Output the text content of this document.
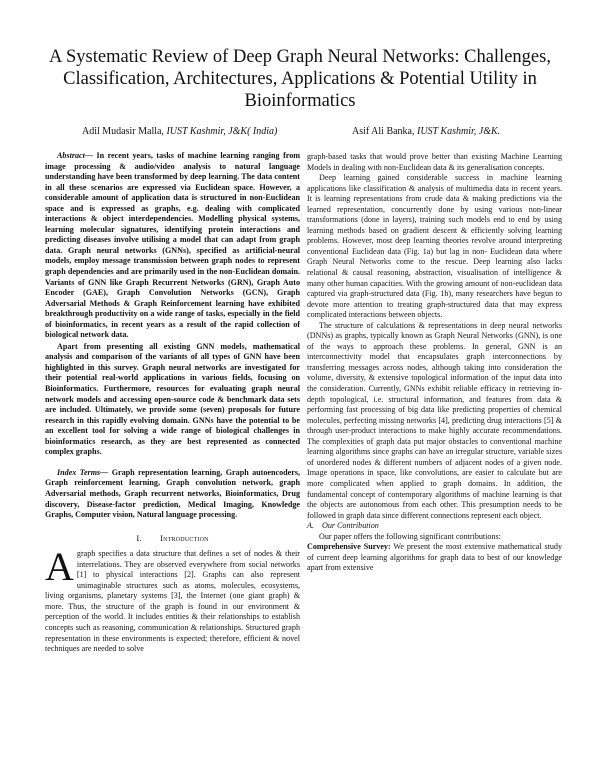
A Systematic Review of Deep Graph Neural Networks: Challenges, Classification, Architectures, Applications & Potential Utility in Bioinformatics
Adil Mudasir Malla, IUST Kashmir, J&K( India)	Asif Ali Banka, IUST Kashmir, J&K.

Abstract— In recent years, tasks of machine learning ranging from image processing & audio/video analysis to natural language understanding have been transformed by deep learning. The data content in all these scenarios are expressed via Euclidean space. However, a considerable amount of application data is structured in non-Euclidean space and is expressed as graphs, e.g. dealing with complicated interactions & object interdependencies. Modelling physical systems, learning molecular signatures, identifying protein interactions and predicting diseases involve utilising a model that can adapt from graph data. Graph neural networks (GNNs), specified as artificial-neural models, employ message transmission between graph nodes to represent graph dependencies and are primarily used in the non-Euclidean domain. Variants of GNN like Graph Recurrent Networks (GRN), Graph Auto Encoder (GAE), Graph Convolution Networks (GCN), Graph Adversarial Methods & Graph Reinforcement learning have exhibited breakthrough productivity on a wide range of tasks, especially in the field of bioinformatics, in recent years as a result of the rapid collection of biological network data.

Apart from presenting all existing GNN models, mathematical analysis and comparison of the variants of all types of GNN have been highlighted in this survey. Graph neural networks are investigated for their potential real-world applications in various fields, focusing on Bioinformatics. Furthermore, resources for evaluating graph neural network models and accessing open-source code & benchmark data sets are included. Ultimately, we provide some (seven) proposals for future research in this rapidly evolving domain. GNNs have the potential to be an excellent tool for solving a wide range of biological challenges in bioinformatics research, as they are best represented as connected complex graphs.

Index Terms— Graph representation learning, Graph autoencoders, Graph reinforcement learning, Graph convolution network, graph Adversarial methods, Graph recurrent networks, Bioinformatics, Drug discovery, Disease-factor prediction, Medical Imaging, Knowledge Graphs, Computer vision, Natural language processing.

I. Introduction

Agraph specifies a data structure that defines a set of nodes & their interrelations. They are observed everywhere from social networks [1] to physical interactions [2]. Graphs can also represent unimaginable structures such as atoms, molecules, ecosystems, living organisms, planetary systems [3], the Internet (one giant graph) & more. Thus, the structure of the graph is found in our environment & perception of the world. It includes entities & their relationships to establish concepts such as reasoning, communication & relationships. Structured graph representation in these environments is expected; therefore, efficient & novel techniques are needed to solve

graph-based tasks that would prove better than existing Machine Learning Models in dealing with non-Euclidean data & its generalisation concepts.

Deep learning gained considerable success in machine learning applications like classification & analysis of multimedia data in recent years. It is learning representations from crude data & making predictions via the learned representation, concurrently done by using various non-linear transformations (done in layers), training such models end to end by using learning methods based on gradient descent & efficiently solving learning problems. However, most deep learning theories revolve around interpreting conventional Euclidean data (Fig. 1a) but lag in non- Euclidean data where Graph Neural Networks come to the rescue. Deep learning also lacks relational & causal reasoning, abstraction, visualisation of intelligence & many other human capacities. With the growing amount of non-euclidean data captured via graph-structured data (Fig. 1b), many researchers have begun to devote more attention to treating graph-structured data that may express complicated interactions between objects.

The structure of calculations & representations in deep neural networks (DNNs) as graphs, typically known as Graph Neural Networks (GNN), is one of the ways to approach these problems. In general, GNN is an interconnectivity model that encapsulates graph interconnections by transferring messages across nodes, although taking into consideration the volume, diversity, & extensive topological information of the input data into the consideration. Currently, GNNs exhibit reliable efficacy in retrieving in-depth topological, i.e. structural information, and features from data & performing fast processing of big data like predicting properties of chemical molecules, perfecting missing networks [4], predicting drug interactions [5] & through user-product interactions to make highly accurate recommendations. The complexities of graph data put major obstacles to conventional machine learning algorithms since graphs can have an irregular structure, variable sizes of unordered nodes & different numbers of adjacent nodes of a given node. Image operations in space, like convolutions, are easier to calculate but are more complicated when applied to graph domains. In addition, the fundamental concept of contemporary algorithms of machine learning is that the objects are autonomous from each other. This presumption needs to be followed in graph data since different connections represent each object.

A. Our Contribution

Our paper offers the following significant contributions:

Comprehensive Survey: We present the most extensive mathematical study of current deep learning algorithms for graph data to best of our knowledge apart from extensive
